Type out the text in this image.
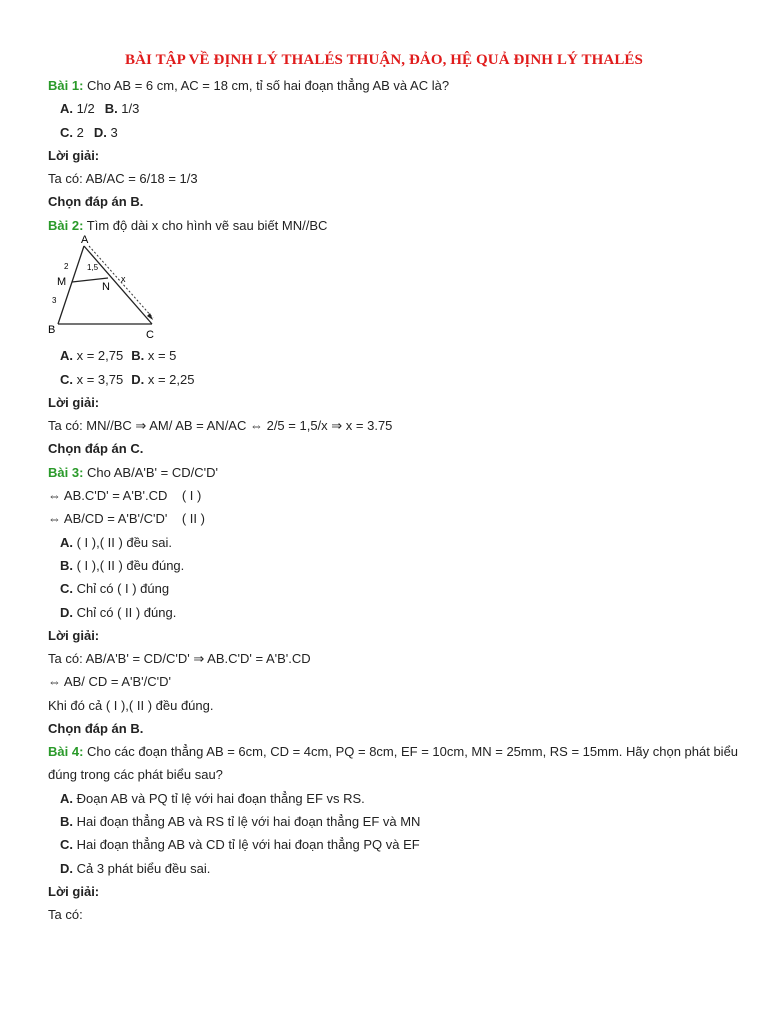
BÀI TẬP VỀ ĐỊNH LÝ THALÉS THUẬN, ĐẢO, HỆ QUẢ ĐỊNH LÝ THALÉS
Bài 1: Cho AB = 6 cm, AC = 18 cm, tỉ số hai đoạn thẳng AB và AC là?
A. 1/2 B. 1/3
C. 2 D. 3
Lời giải:
Ta có: AB/AC = 6/18 = 1/3
Chọn đáp án B.
Bài 2: Tìm độ dài x cho hình vẽ sau biết MN//BC
A
B	C
M	N
2 1,5
3
x
A. x = 2,75 B. x = 5
C. x = 3,75 D. x = 2,25
Lời giải:
Ta có: MN//BC ⇒ AM/ AB = AN/AC ⇔ 2/5 = 1,5/x ⇒ x = 3.75
Chọn đáp án C.
Bài 3: Cho AB/A'B' = CD/C'D'
⇔ AB.C'D' = A'B'.CD    ( I )
⇔ AB/CD = A'B'/C'D'    ( II )
A. ( I ),( II ) đều sai.
B. ( I ),( II ) đều đúng.
C. Chỉ có ( I ) đúng
D. Chỉ có ( II ) đúng.
Lời giải:
Ta có: AB/A'B' = CD/C'D' ⇒ AB.C'D' = A'B'.CD
⇔ AB/ CD = A'B'/C'D'
Khi đó cả ( I ),( II ) đều đúng.
Chọn đáp án B.
Bài 4: Cho các đoạn thẳng AB = 6cm, CD = 4cm, PQ = 8cm, EF = 10cm, MN = 25mm, RS = 15mm. Hãy chọn phát biểu
đúng trong các phát biểu sau?
A. Đoạn AB và PQ tỉ lệ với hai đoạn thẳng EF vs RS.
B. Hai đoạn thẳng AB và RS tỉ lệ với hai đoạn thẳng EF và MN
C. Hai đoạn thẳng AB và CD tỉ lệ với hai đoạn thẳng PQ và EF
D. Cả 3 phát biểu đều sai.
Lời giải:
Ta có:
